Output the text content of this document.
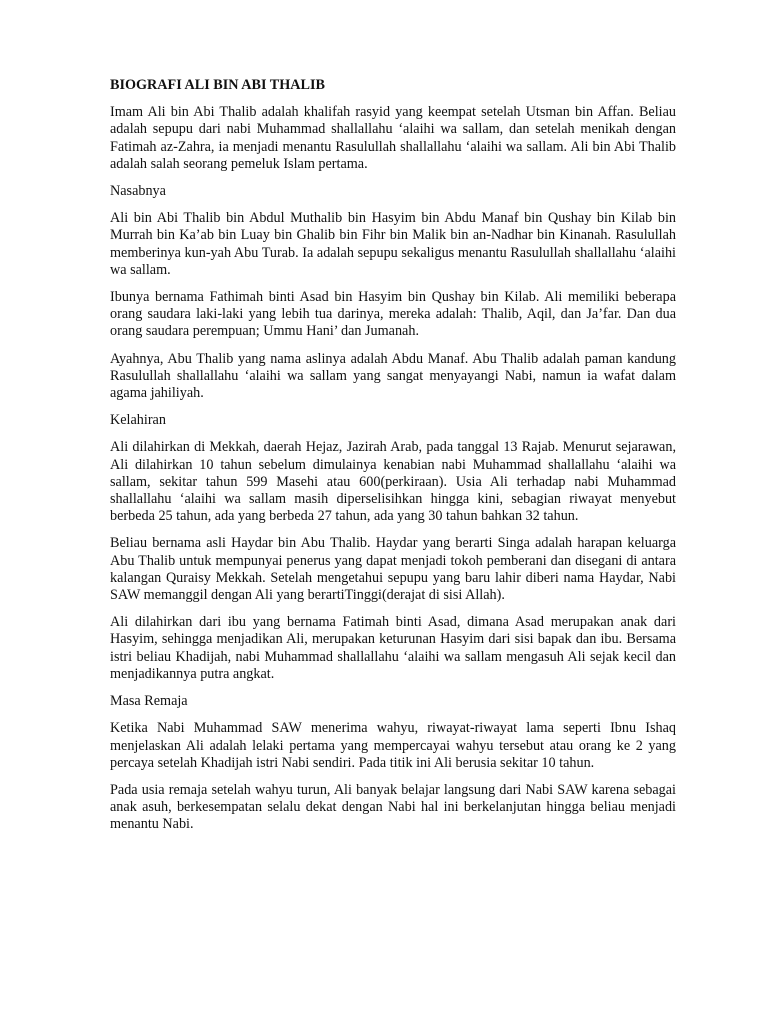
BIOGRAFI ALI BIN ABI THALIB

Imam Ali bin Abi Thalib adalah khalifah rasyid yang keempat setelah Utsman bin Affan. Beliau adalah sepupu dari nabi Muhammad shallallahu ‘alaihi wa sallam, dan setelah menikah dengan Fatimah az-Zahra, ia menjadi menantu Rasulullah shallallahu ‘alaihi wa sallam. Ali bin Abi Thalib adalah salah seorang pemeluk Islam pertama.

Nasabnya

Ali bin Abi Thalib bin Abdul Muthalib bin Hasyim bin Abdu Manaf bin Qushay bin Kilab bin Murrah bin Ka’ab bin Luay bin Ghalib bin Fihr bin Malik bin an-Nadhar bin Kinanah. Rasulullah memberinya kun-yah Abu Turab. Ia adalah sepupu sekaligus menantu Rasulullah shallallahu ‘alaihi wa sallam.

Ibunya bernama Fathimah binti Asad bin Hasyim bin Qushay bin Kilab. Ali memiliki beberapa orang saudara laki-laki yang lebih tua darinya, mereka adalah: Thalib, Aqil, dan Ja’far. Dan dua orang saudara perempuan; Ummu Hani’ dan Jumanah.

Ayahnya, Abu Thalib yang nama aslinya adalah Abdu Manaf. Abu Thalib adalah paman kandung Rasulullah shallallahu ‘alaihi wa sallam yang sangat menyayangi Nabi, namun ia wafat dalam agama jahiliyah.

Kelahiran

Ali dilahirkan di Mekkah, daerah Hejaz, Jazirah Arab, pada tanggal 13 Rajab. Menurut sejarawan, Ali dilahirkan 10 tahun sebelum dimulainya kenabian nabi Muhammad shallallahu ‘alaihi wa sallam, sekitar tahun 599 Masehi atau 600(perkiraan). Usia Ali terhadap nabi Muhammad shallallahu ‘alaihi wa sallam masih diperselisihkan hingga kini, sebagian riwayat menyebut berbeda 25 tahun, ada yang berbeda 27 tahun, ada yang 30 tahun bahkan 32 tahun.

Beliau bernama asli Haydar bin Abu Thalib. Haydar yang berarti Singa adalah harapan keluarga Abu Thalib untuk mempunyai penerus yang dapat menjadi tokoh pemberani dan disegani di antara kalangan Quraisy Mekkah. Setelah mengetahui sepupu yang baru lahir diberi nama Haydar, Nabi SAW memanggil dengan Ali yang berartiTinggi(derajat di sisi Allah).

Ali dilahirkan dari ibu yang bernama Fatimah binti Asad, dimana Asad merupakan anak dari Hasyim, sehingga menjadikan Ali, merupakan keturunan Hasyim dari sisi bapak dan ibu. Bersama istri beliau Khadijah, nabi Muhammad shallallahu ‘alaihi wa sallam mengasuh Ali sejak kecil dan menjadikannya putra angkat.

Masa Remaja

Ketika Nabi Muhammad SAW menerima wahyu, riwayat-riwayat lama seperti Ibnu Ishaq menjelaskan Ali adalah lelaki pertama yang mempercayai wahyu tersebut atau orang ke 2 yang percaya setelah Khadijah istri Nabi sendiri. Pada titik ini Ali berusia sekitar 10 tahun.

Pada usia remaja setelah wahyu turun, Ali banyak belajar langsung dari Nabi SAW karena sebagai anak asuh, berkesempatan selalu dekat dengan Nabi hal ini berkelanjutan hingga beliau menjadi menantu Nabi.
